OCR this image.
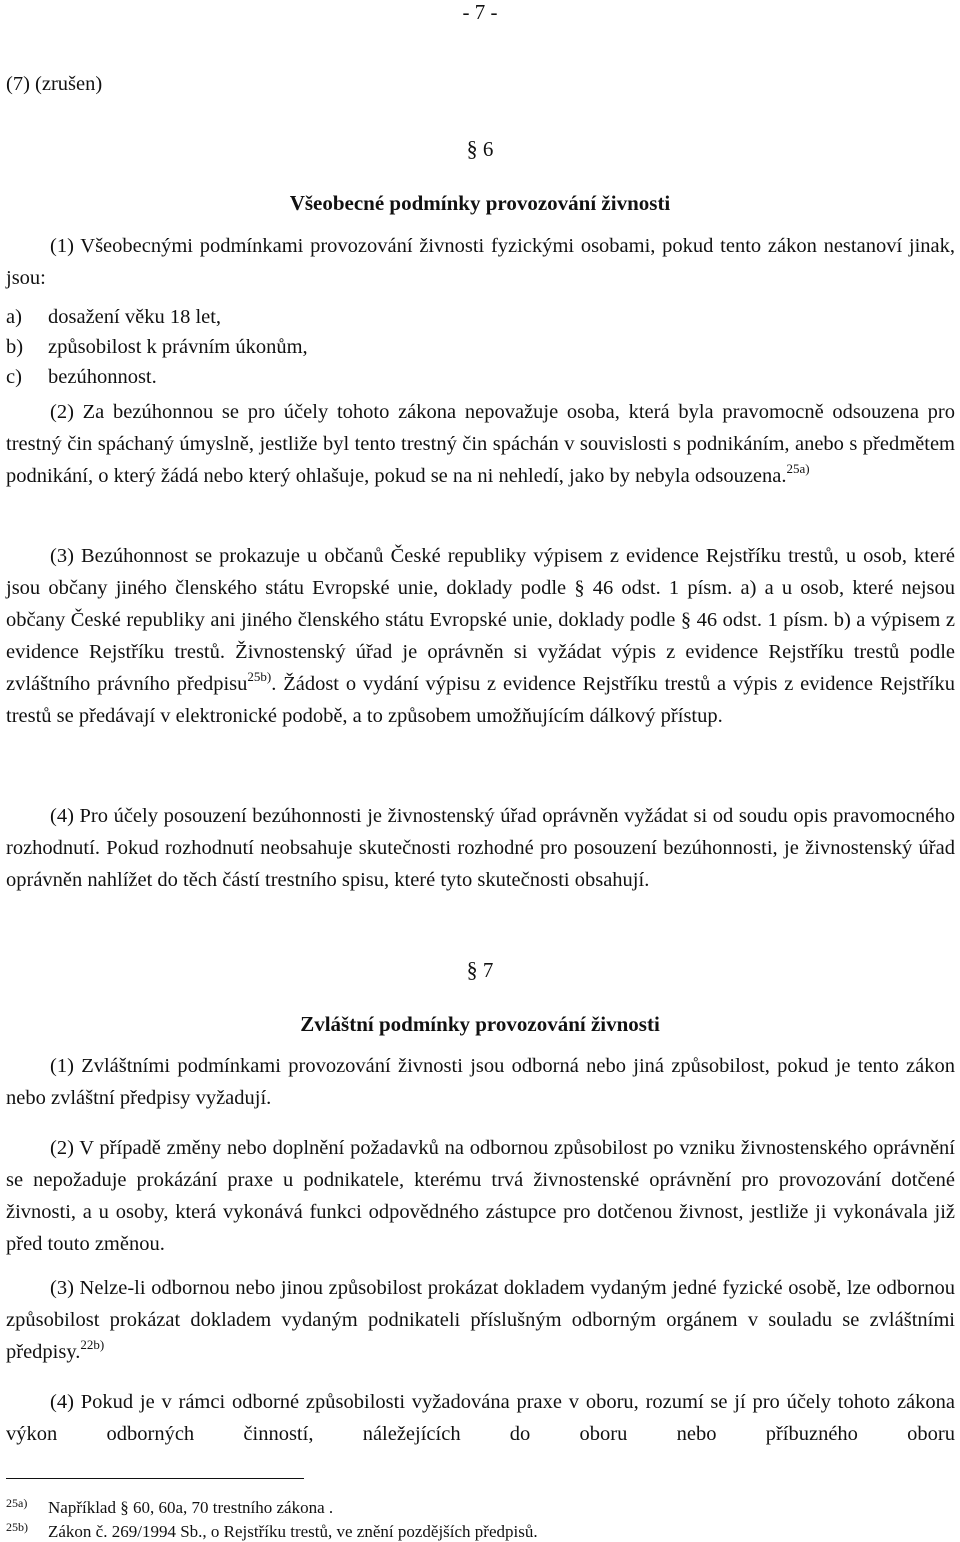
- 7 -
(7) (zrušen)
§ 6
Všeobecné podmínky provozování živnosti
(1) Všeobecnými podmínkami provozování živnosti fyzickými osobami, pokud tento zákon nestanoví jinak, jsou:
a) dosažení věku 18 let,
b) způsobilost k právním úkonům,
c) bezúhonnost.
(2) Za bezúhonnou se pro účely tohoto zákona nepovažuje osoba, která byla pravomocně odsouzena pro trestný čin spáchaný úmyslně, jestliže byl tento trestný čin spáchán v souvislosti s podnikáním, anebo s předmětem podnikání, o který žádá nebo který ohlašuje, pokud se na ni nehledí, jako by nebyla odsouzena.$^{25a)}$
(3) Bezúhonnost se prokazuje u občanů České republiky výpisem z evidence Rejstříku trestů, u osob, které jsou občany jiného členského státu Evropské unie, doklady podle § 46 odst. 1 písm. a) a u osob, které nejsou občany České republiky ani jiného členského státu Evropské unie, doklady podle § 46 odst. 1 písm. b) a výpisem z evidence Rejstříku trestů. Živnostenský úřad je oprávněn si vyžádat výpis z evidence Rejstříku trestů podle zvláštního právního předpisu$^{25b)}$. Žádost o vydání výpisu z evidence Rejstříku trestů a výpis z evidence Rejstříku trestů se předávají v elektronické podobě, a to způsobem umožňujícím dálkový přístup.
(4) Pro účely posouzení bezúhonnosti je živnostenský úřad oprávněn vyžádat si od soudu opis pravomocného rozhodnutí. Pokud rozhodnutí neobsahuje skutečnosti rozhodné pro posouzení bezúhonnosti, je živnostenský úřad oprávněn nahlížet do těch částí trestního spisu, které tyto skutečnosti obsahují.
§ 7
Zvláštní podmínky provozování živnosti
(1) Zvláštními podmínkami provozování živnosti jsou odborná nebo jiná způsobilost, pokud je tento zákon nebo zvláštní předpisy vyžadují.
(2) V případě změny nebo doplnění požadavků na odbornou způsobilost po vzniku živnostenského oprávnění se nepožaduje prokázání praxe u podnikatele, kterému trvá živnostenské oprávnění pro provozování dotčené živnosti, a u osoby, která vykonává funkci odpovědného zástupce pro dotčenou živnost, jestliže ji vykonávala již před touto změnou.
(3) Nelze-li odbornou nebo jinou způsobilost prokázat dokladem vydaným jedné fyzické osobě, lze odbornou způsobilost prokázat dokladem vydaným podnikateli příslušným odborným orgánem v souladu se zvláštními předpisy.$^{22b)}$
(4) Pokud je v rámci odborné způsobilosti vyžadována praxe v oboru, rozumí se jí pro účely tohoto zákona výkon odborných činností, náležejících do oboru nebo příbuzného oboru
25a) Například § 60, 60a, 70 trestního zákona .
25b) Zákon č. 269/1994 Sb., o Rejstříku trestů, ve znění pozdějších předpisů.
